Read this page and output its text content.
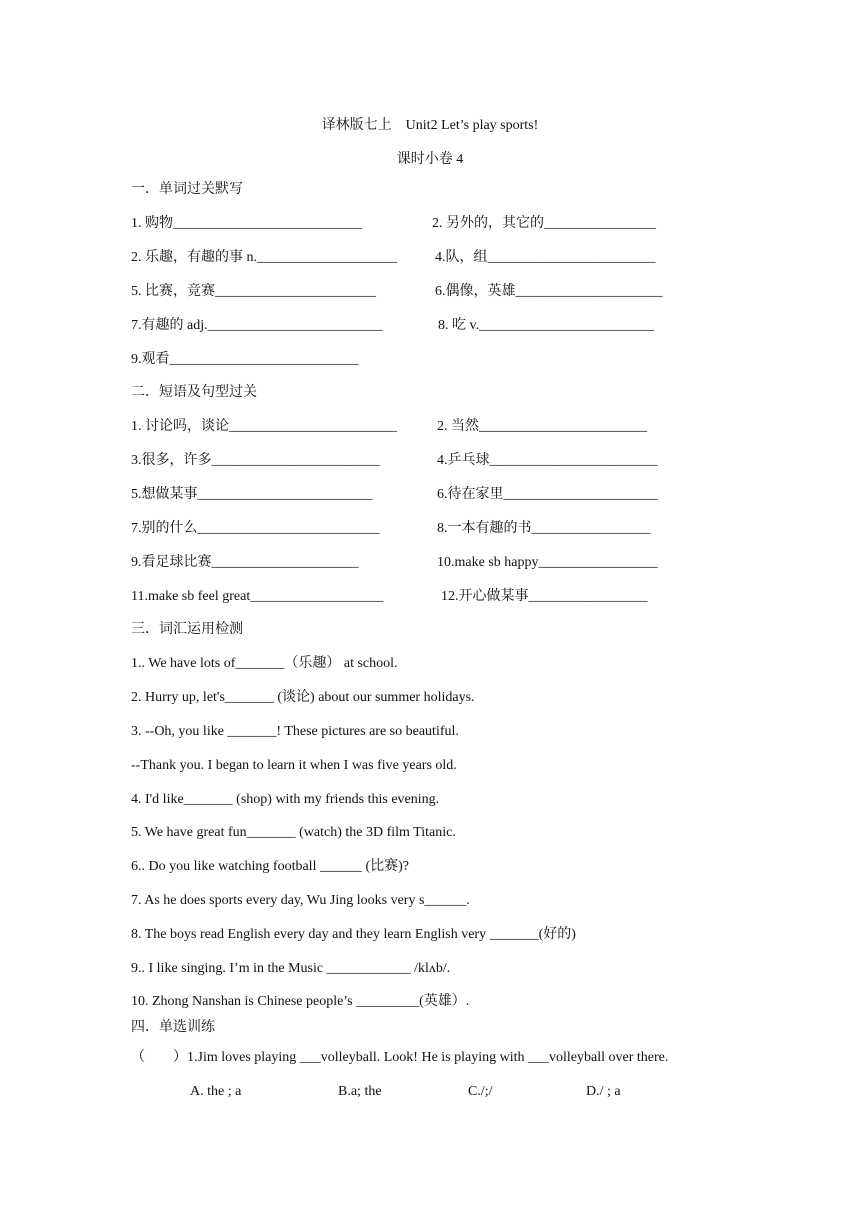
译林版七上　Unit2 Let’s play sports!
课时小卷 4
一．单词过关默写
1. 购物___________________________	2. 另外的，其它的________________
2. 乐趣，有趣的事 n.____________________	4.队，组________________________
5. 比赛，竞赛_______________________	6.偶像，英雄_____________________
7.有趣的 adj._________________________	8. 吃 v._________________________
9.观看___________________________
二．短语及句型过关
1. 讨论吗，谈论________________________	2. 当然________________________
3.很多，许多________________________	4.乒乓球________________________
5.想做某事_________________________	6.待在家里______________________
7.别的什么__________________________	8.一本有趣的书_________________
9.看足球比赛_____________________	10.make sb happy_________________
11.make sb feel great___________________	12.开心做某事_________________
三．词汇运用检测
1.. We have lots of_______（乐趣） at school.
2. Hurry up, let's_______ (谈论) about our summer holidays.
3. --Oh, you like _______! These pictures are so beautiful.
--Thank you. I began to learn it when I was five years old.
4. I'd like_______ (shop) with my friends this evening.
5. We have great fun_______ (watch) the 3D film Titanic.
6.. Do you like watching football ______ (比赛)?
7. As he does sports every day, Wu Jing looks very s______.
8. The boys read English every day and they learn English very _______(好的)
9.. I like singing. I’m in the Music ____________ /klʌb/.
10. Zhong Nanshan is Chinese people’s _________(英雄）.
四．单选训练
（　　）1.Jim loves playing ___volleyball. Look! He is playing with ___volleyball over there.
A. the ; a	B.a; the	C./;/	D./ ; a
